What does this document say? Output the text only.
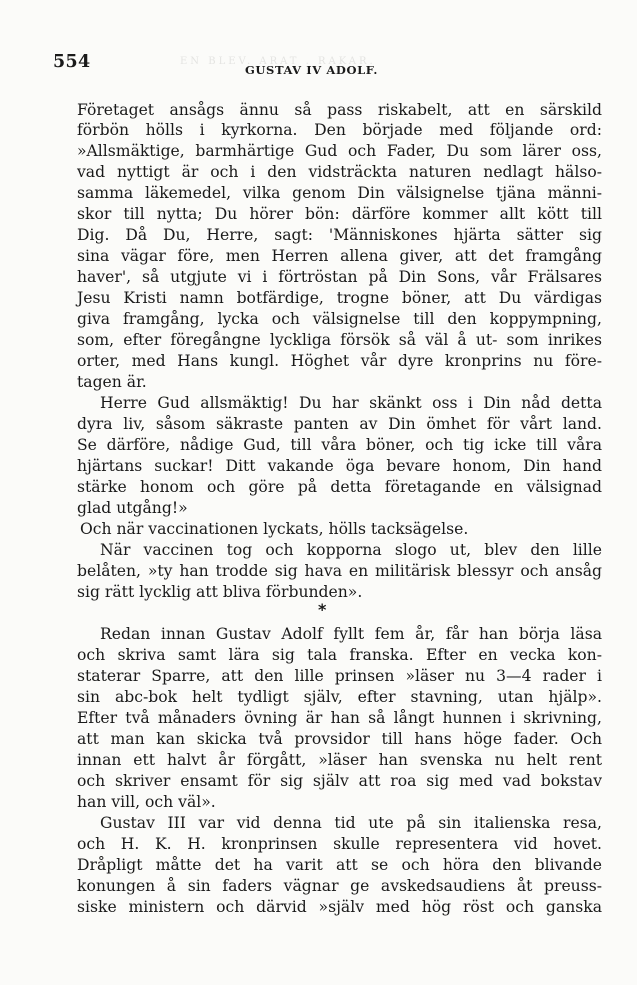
EN BLEV. ARAT . RAKAR.
554	GUSTAV IV ADOLF.
Företaget ansågs ännu så pass riskabelt, att en särskild
förbön hölls i kyrkorna. Den började med följande ord:
»Allsmäktige, barmhärtige Gud och Fader, Du som lärer oss,
vad nyttigt är och i den vidsträckta naturen nedlagt hälso-
samma läkemedel, vilka genom Din välsignelse tjäna männi-
skor till nytta; Du hörer bön: därföre kommer allt kött till
Dig. Då Du, Herre, sagt: 'Människones hjärta sätter sig
sina vägar före, men Herren allena giver, att det framgång
haver', så utgjute vi i förtröstan på Din Sons, vår Frälsares
Jesu Kristi namn botfärdige, trogne böner, att Du värdigas
giva framgång, lycka och välsignelse till den koppympning,
som, efter föregångne lyckliga försök så väl å ut- som inrikes
orter, med Hans kungl. Höghet vår dyre kronprins nu före-
tagen är.
Herre Gud allsmäktig! Du har skänkt oss i Din nåd detta
dyra liv, såsom säkraste panten av Din ömhet för vårt land.
Se därföre, nådige Gud, till våra böner, och tig icke till våra
hjärtans suckar! Ditt vakande öga bevare honom, Din hand
stärke honom och göre på detta företagande en välsignad
glad utgång!»
Och när vaccinationen lyckats, hölls tacksägelse.
När vaccinen tog och kopporna slogo ut, blev den lille
belåten, »ty han trodde sig hava en militärisk blessyr och ansåg
sig rätt lycklig att bliva förbunden».
*
Redan innan Gustav Adolf fyllt fem år, får han börja läsa
och skriva samt lära sig tala franska. Efter en vecka kon-
staterar Sparre, att den lille prinsen »läser nu 3—4 rader i
sin abc-bok helt tydligt själv, efter stavning, utan hjälp».
Efter två månaders övning är han så långt hunnen i skrivning,
att man kan skicka två provsidor till hans höge fader. Och
innan ett halvt år förgått, »läser han svenska nu helt rent
och skriver ensamt för sig själv att roa sig med vad bokstav
han vill, och väl».
Gustav III var vid denna tid ute på sin italienska resa,
och H. K. H. kronprinsen skulle representera vid hovet.
Dråpligt måtte det ha varit att se och höra den blivande
konungen å sin faders vägnar ge avskedsaudiens åt preuss-
siske ministern och därvid »själv med hög röst och ganska
